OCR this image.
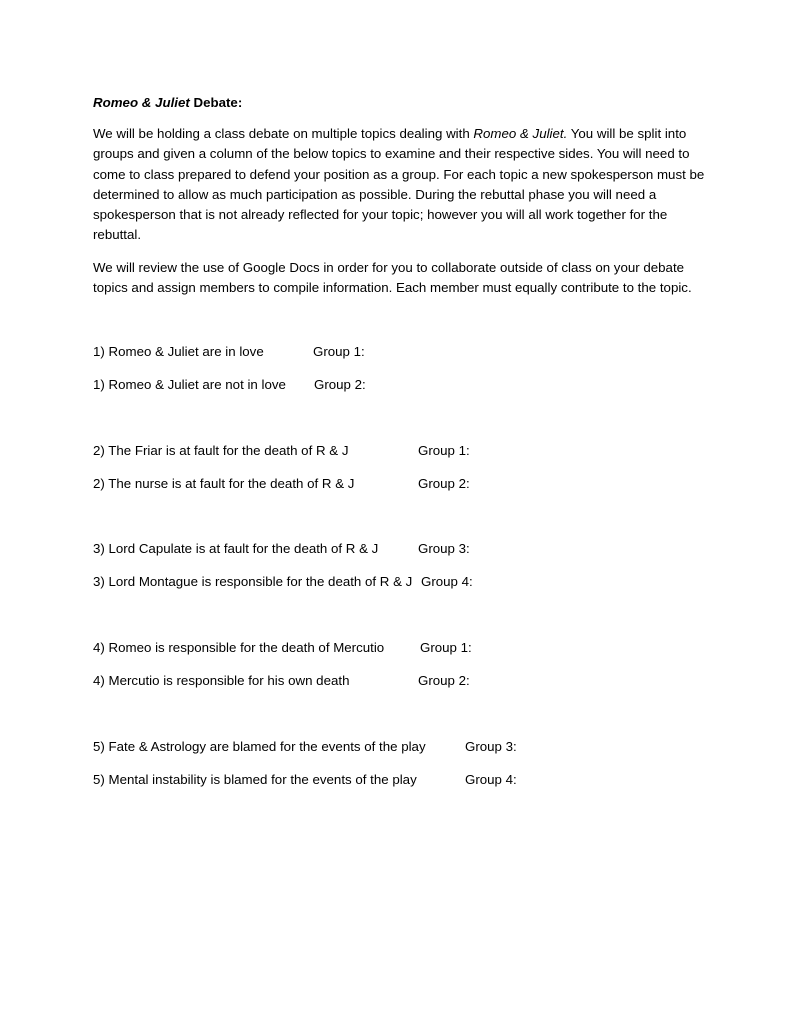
Romeo & Juliet Debate:

We will be holding a class debate on multiple topics dealing with Romeo & Juliet. You will be split into
groups and given a column of the below topics to examine and their respective sides. You will need to
come to class prepared to defend your position as a group. For each topic a new spokesperson must be
determined to allow as much participation as possible. During the rebuttal phase you will need a
spokesperson that is not already reflected for your topic; however you will all work together for the
rebuttal.

We will review the use of Google Docs in order for you to collaborate outside of class on your debate
topics and assign members to compile information. Each member must equally contribute to the topic.

1) Romeo & Juliet are in love	Group 1:
1) Romeo & Juliet are not in love Group 2:
2) The Friar is at fault for the death of R & J	Group 1:
2) The nurse is at fault for the death of R & J	Group 2:
3) Lord Capulate is at fault for the death of R & J	Group 3:
3) Lord Montague is responsible for the death of R & J Group 4:
4) Romeo is responsible for the death of Mercutio	Group 1:
4) Mercutio is responsible for his own death	Group 2:
5) Fate & Astrology are blamed for the events of the play	Group 3:
5) Mental instability is blamed for the events of the play	Group 4:
